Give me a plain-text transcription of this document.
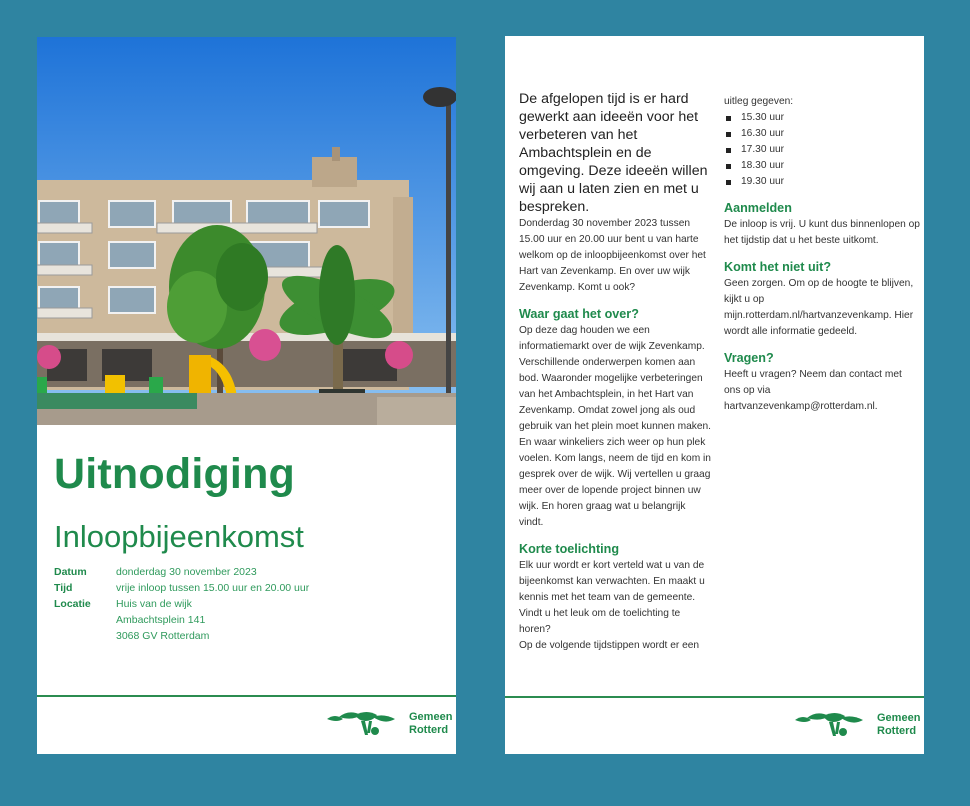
Uitnodiging
Inloopbijeenkomst
Datum	donderdag 30 november 2023
Tijd	vrije inloop tussen 15.00 uur en 20.00 uur
Locatie	Huis van de wijk
Ambachtsplein 141
3068 GV Rotterdam
Gemeen
Rotterd

De afgelopen tijd is er hard gewerkt aan ideeën voor het verbeteren van het Ambachtsplein en de omgeving. Deze ideeën willen wij aan u laten zien en met u bespreken.

Donderdag 30 november 2023 tussen 15.00 uur en 20.00 uur bent u van harte welkom op de inloopbijeenkomst over het Hart van Zevenkamp. En over uw wijk Zevenkamp. Komt u ook?

Waar gaat het over?

Op deze dag houden we een informatiemarkt over de wijk Zevenkamp. Verschillende onderwerpen komen aan bod. Waaronder mogelijke verbeteringen van het Ambachtsplein, in het Hart van Zevenkamp. Omdat zowel jong als oud gebruik van het plein moet kunnen maken. En waar winkeliers zich weer op hun plek voelen. Kom langs, neem de tijd en kom in gesprek over de wijk. Wij vertellen u graag meer over de lopende project binnen uw wijk. En horen graag wat u belangrijk vindt.

Korte toelichting

Elk uur wordt er kort verteld wat u van de bijeenkomst kan verwachten. En maakt u kennis met het team van de gemeente. Vindt u het leuk om de toelichting te horen?

Op de volgende tijdstippen wordt er een

uitleg gegeven:

15.30 uur
16.30 uur
17.30 uur
18.30 uur
19.30 uur
Aanmelden

De inloop is vrij. U kunt dus binnenlopen op het tijdstip dat u het beste uitkomt.

Komt het niet uit?

Geen zorgen. Om op de hoogte te blijven, kijkt u op mijn.rotterdam.nl/hartvanzevenkamp. Hier wordt alle informatie gedeeld.

Vragen?

Heeft u vragen? Neem dan contact met ons op via hartvanzevenkamp@rotterdam.nl.

Gemeen
Rotterd
